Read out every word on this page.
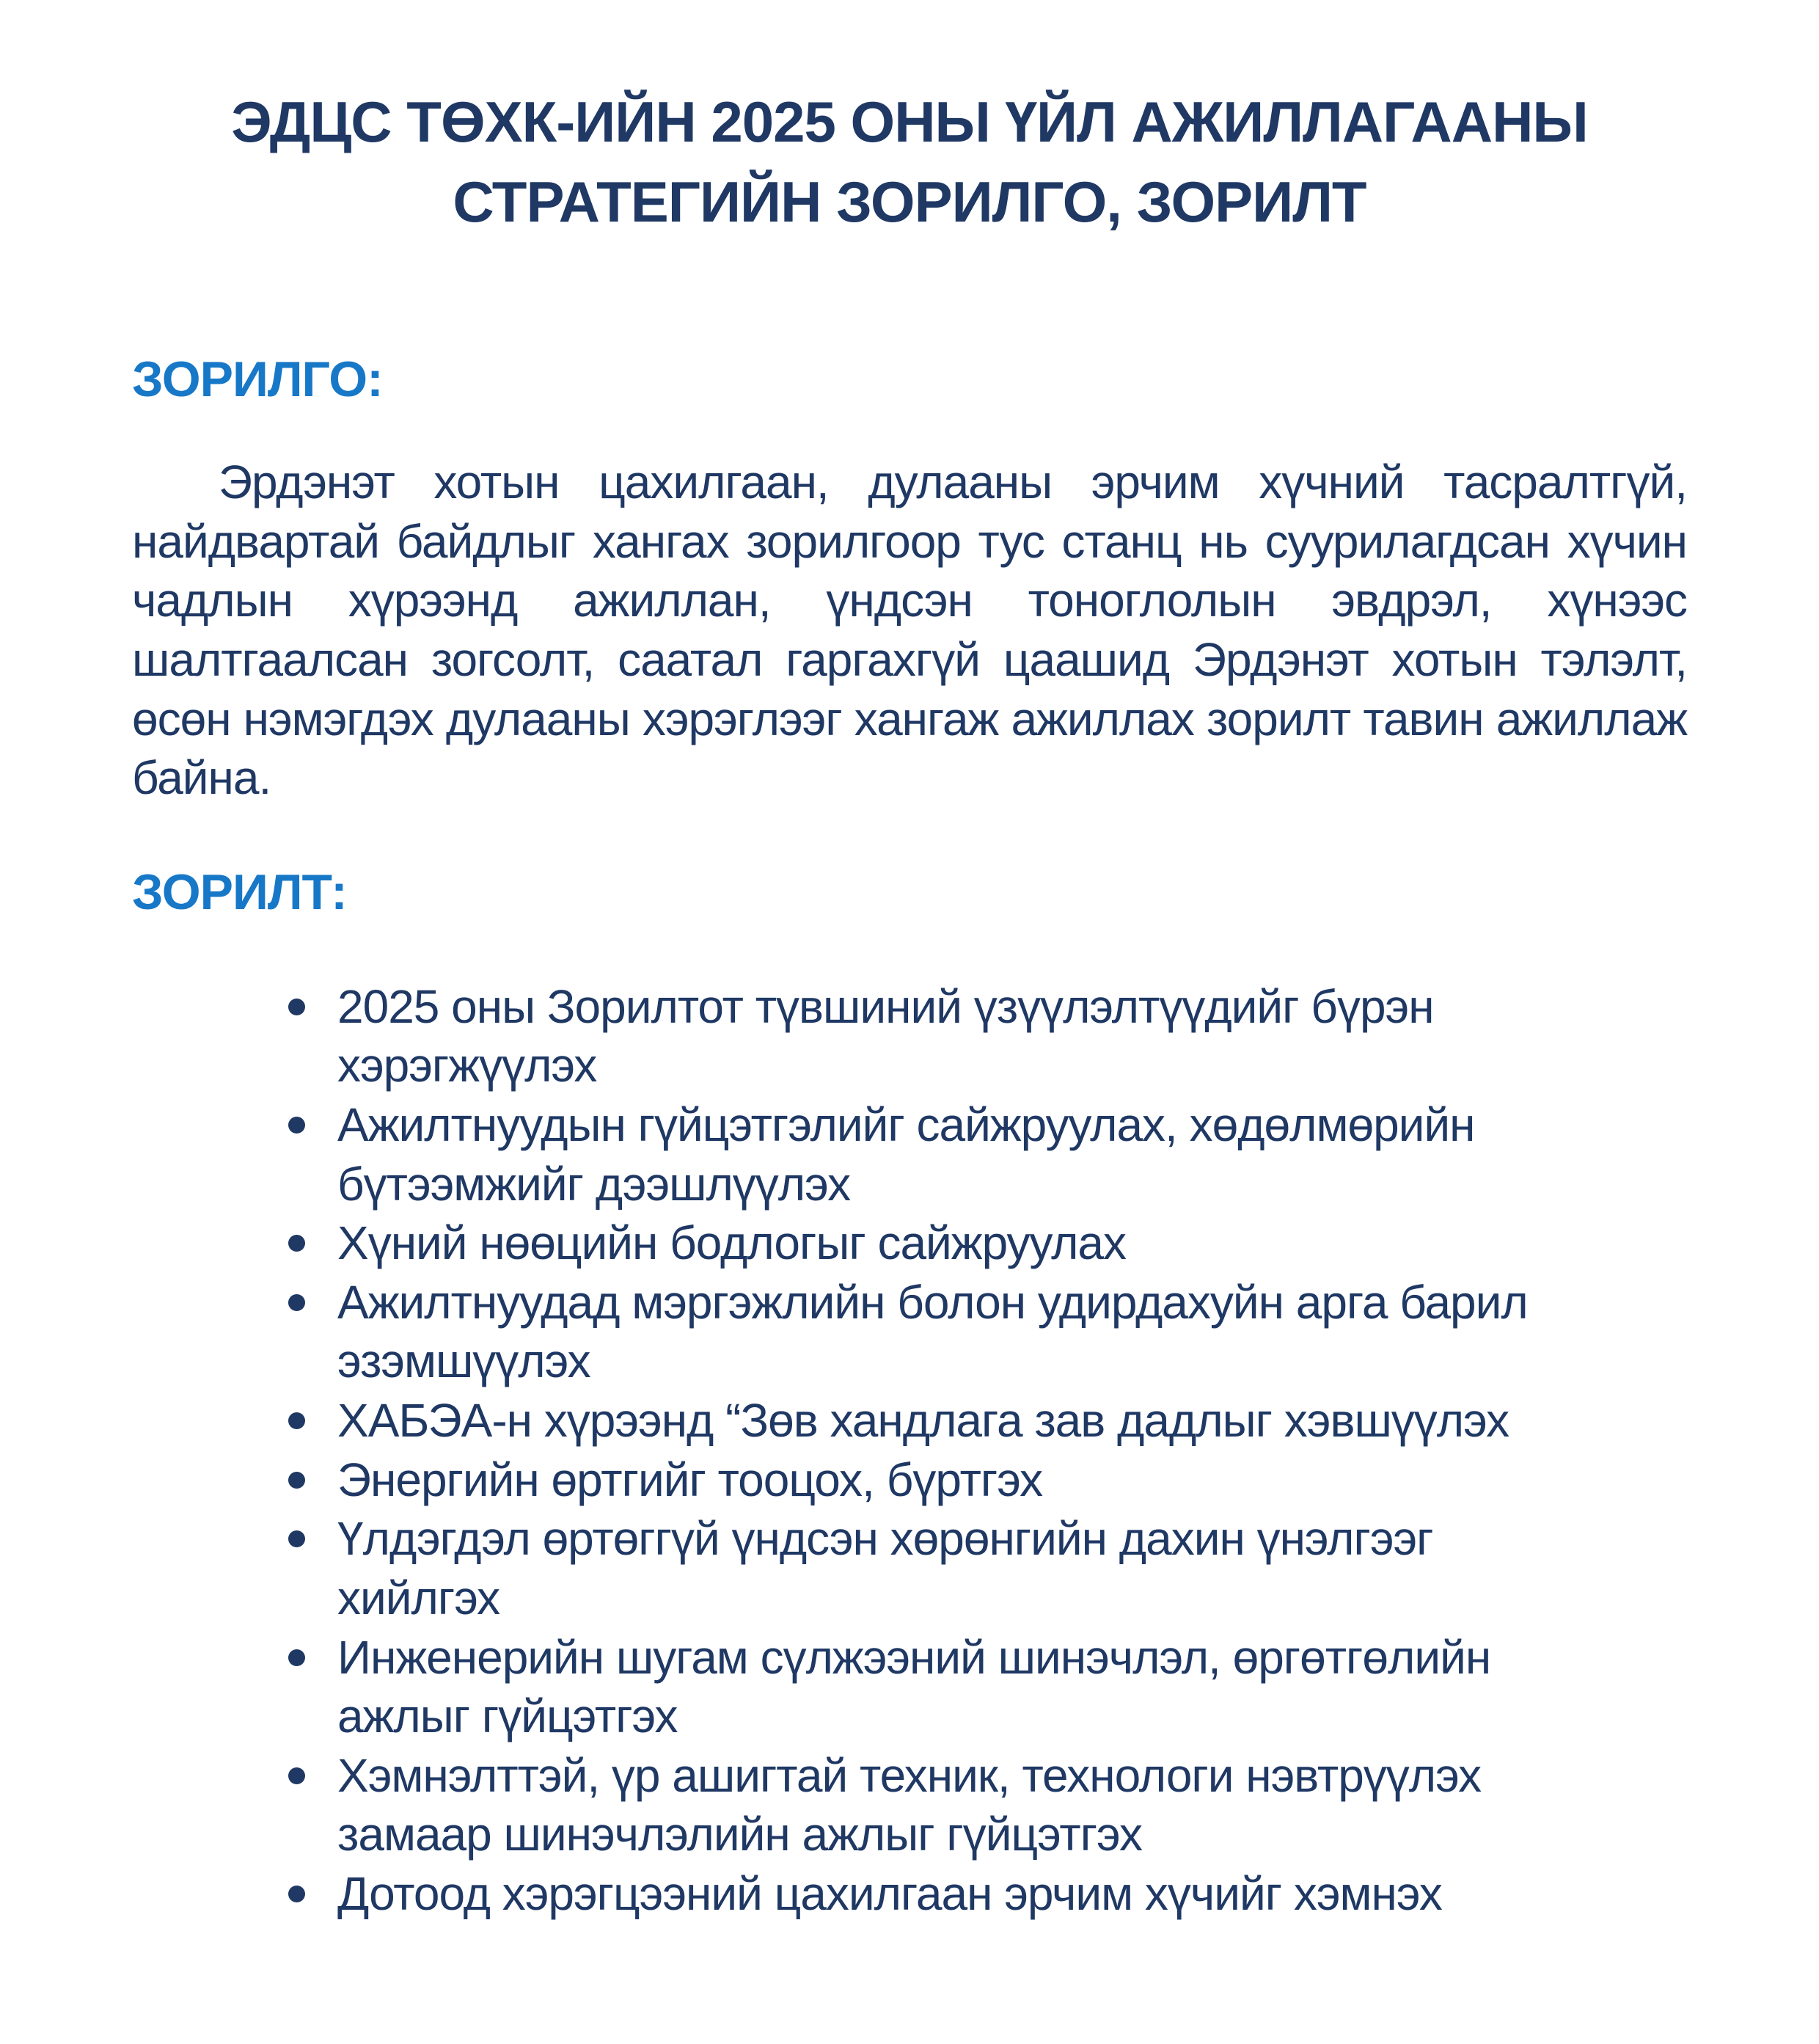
ЭДЦС ТӨХК-ИЙН 2025 ОНЫ ҮЙЛ АЖИЛЛАГААНЫ СТРАТЕГИЙН ЗОРИЛГО, ЗОРИЛТ
ЗОРИЛГО:

Эрдэнэт хотын цахилгаан, дулааны эрчим хүчний тасралтгүй, найдвартай байдлыг хангах зорилгоор тус станц нь суурилагдсан хүчин чадлын хүрээнд ажиллан, үндсэн тоноглолын эвдрэл, хүнээс шалтгаалсан зогсолт, саатал гаргахгүй цаашид Эрдэнэт хотын тэлэлт, өсөн нэмэгдэх дулааны хэрэглээг хангаж ажиллах зорилт тавин ажиллаж байна.

ЗОРИЛТ:
2025 оны Зорилтот түвшиний үзүүлэлтүүдийг бүрэн хэрэгжүүлэх
Ажилтнуудын гүйцэтгэлийг сайжруулах, хөдөлмөрийн бүтээмжийг дээшлүүлэх
Хүний нөөцийн бодлогыг сайжруулах
Ажилтнуудад мэргэжлийн болон удирдахуйн арга барил эзэмшүүлэх
ХАБЭА-н хүрээнд “Зөв хандлага зав дадлыг хэвшүүлэх
Энергийн өртгийг тооцох, бүртгэх
Үлдэгдэл өртөггүй үндсэн хөрөнгийн дахин үнэлгээг хийлгэх
Инженерийн шугам сүлжээний шинэчлэл, өргөтгөлийн ажлыг гүйцэтгэх
Хэмнэлттэй, үр ашигтай техник, технологи нэвтрүүлэх замаар шинэчлэлийн ажлыг гүйцэтгэх
Дотоод хэрэгцээний цахилгаан эрчим хүчийг хэмнэх
